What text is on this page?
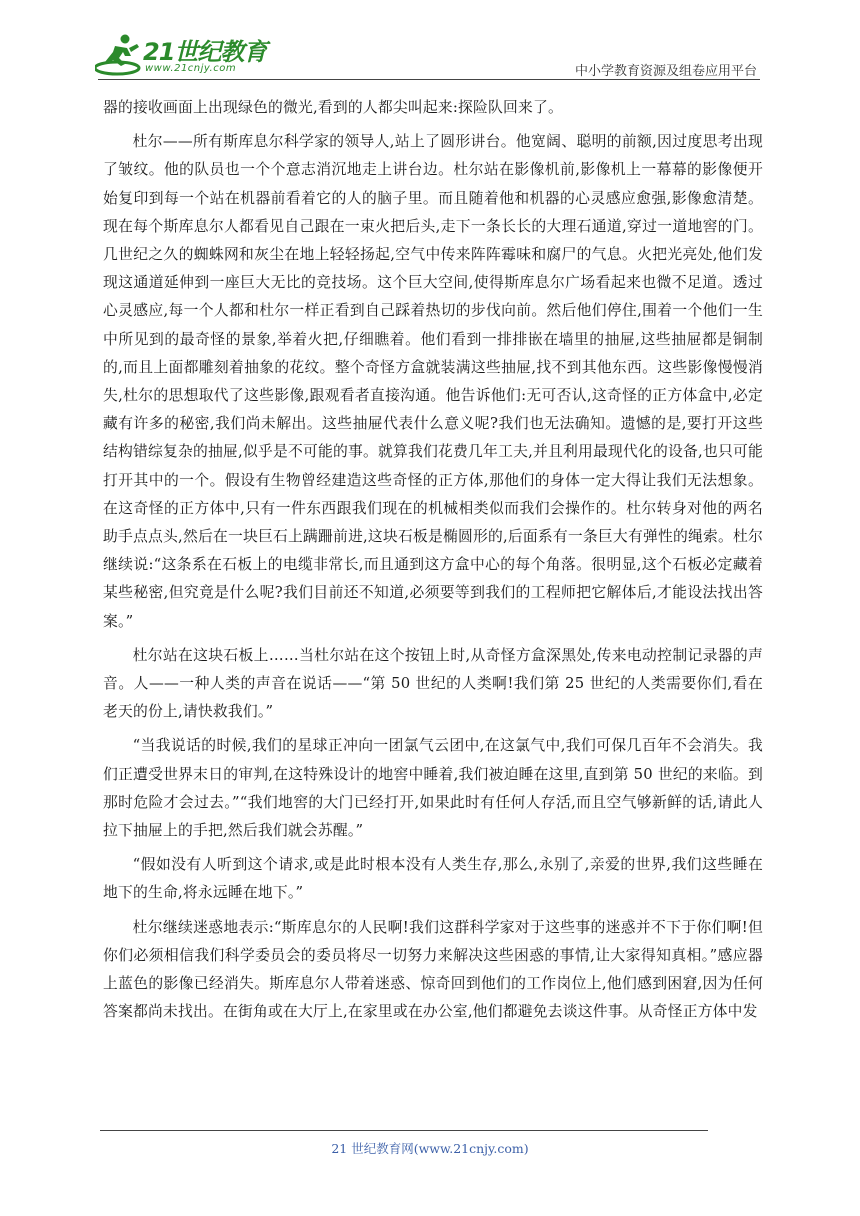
21世纪教育
www.21cnjy.com	中小学教育资源及组卷应用平台

器的接收画面上出现绿色的微光,看到的人都尖叫起来:探险队回来了。

杜尔——所有斯库息尔科学家的领导人,站上了圆形讲台。他宽阔、聪明的前额,因过度思考出现了皱纹。他的队员也一个个意志消沉地走上讲台边。杜尔站在影像机前,影像机上一幕幕的影像便开始复印到每一个站在机器前看着它的人的脑子里。而且随着他和机器的心灵感应愈强,影像愈清楚。现在每个斯库息尔人都看见自己跟在一束火把后头,走下一条长长的大理石通道,穿过一道地窖的门。几世纪之久的蜘蛛网和灰尘在地上轻轻扬起,空气中传来阵阵霉味和腐尸的气息。火把光亮处,他们发现这通道延伸到一座巨大无比的竞技场。这个巨大空间,使得斯库息尔广场看起来也微不足道。透过心灵感应,每一个人都和杜尔一样正看到自己踩着热切的步伐向前。然后他们停住,围着一个他们一生中所见到的最奇怪的景象,举着火把,仔细瞧着。他们看到一排排嵌在墙里的抽屉,这些抽屉都是铜制的,而且上面都雕刻着抽象的花纹。整个奇怪方盒就装满这些抽屉,找不到其他东西。这些影像慢慢消失,杜尔的思想取代了这些影像,跟观看者直接沟通。他告诉他们:无可否认,这奇怪的正方体盒中,必定藏有许多的秘密,我们尚未解出。这些抽屉代表什么意义呢?我们也无法确知。遗憾的是,要打开这些结构错综复杂的抽屉,似乎是不可能的事。就算我们花费几年工夫,并且利用最现代化的设备,也只可能打开其中的一个。假设有生物曾经建造这些奇怪的正方体,那他们的身体一定大得让我们无法想象。在这奇怪的正方体中,只有一件东西跟我们现在的机械相类似而我们会操作的。杜尔转身对他的两名助手点点头,然后在一块巨石上蹒跚前进,这块石板是椭圆形的,后面系有一条巨大有弹性的绳索。杜尔继续说:“这条系在石板上的电缆非常长,而且通到这方盒中心的每个角落。很明显,这个石板必定藏着某些秘密,但究竟是什么呢?我们目前还不知道,必须要等到我们的工程师把它解体后,才能设法找出答案。”

杜尔站在这块石板上……当杜尔站在这个按钮上时,从奇怪方盒深黑处,传来电动控制记录器的声音。人——一种人类的声音在说话——“第 50 世纪的人类啊!我们第 25 世纪的人类需要你们,看在老天的份上,请快救我们。”

“当我说话的时候,我们的星球正冲向一团氯气云团中,在这氯气中,我们可保几百年不会消失。我们正遭受世界末日的审判,在这特殊设计的地窖中睡着,我们被迫睡在这里,直到第 50 世纪的来临。到那时危险才会过去。”“我们地窖的大门已经打开,如果此时有任何人存活,而且空气够新鲜的话,请此人拉下抽屉上的手把,然后我们就会苏醒。”

“假如没有人听到这个请求,或是此时根本没有人类生存,那么,永别了,亲爱的世界,我们这些睡在地下的生命,将永远睡在地下。”

杜尔继续迷惑地表示:“斯库息尔的人民啊!我们这群科学家对于这些事的迷惑并不下于你们啊!但你们必须相信我们科学委员会的委员将尽一切努力来解决这些困惑的事情,让大家得知真相。”感应器上蓝色的影像已经消失。斯库息尔人带着迷惑、惊奇回到他们的工作岗位上,他们感到困窘,因为任何答案都尚未找出。在街角或在大厅上,在家里或在办公室,他们都避免去谈这件事。从奇怪正方体中发

21 世纪教育网(www.21cnjy.com)
